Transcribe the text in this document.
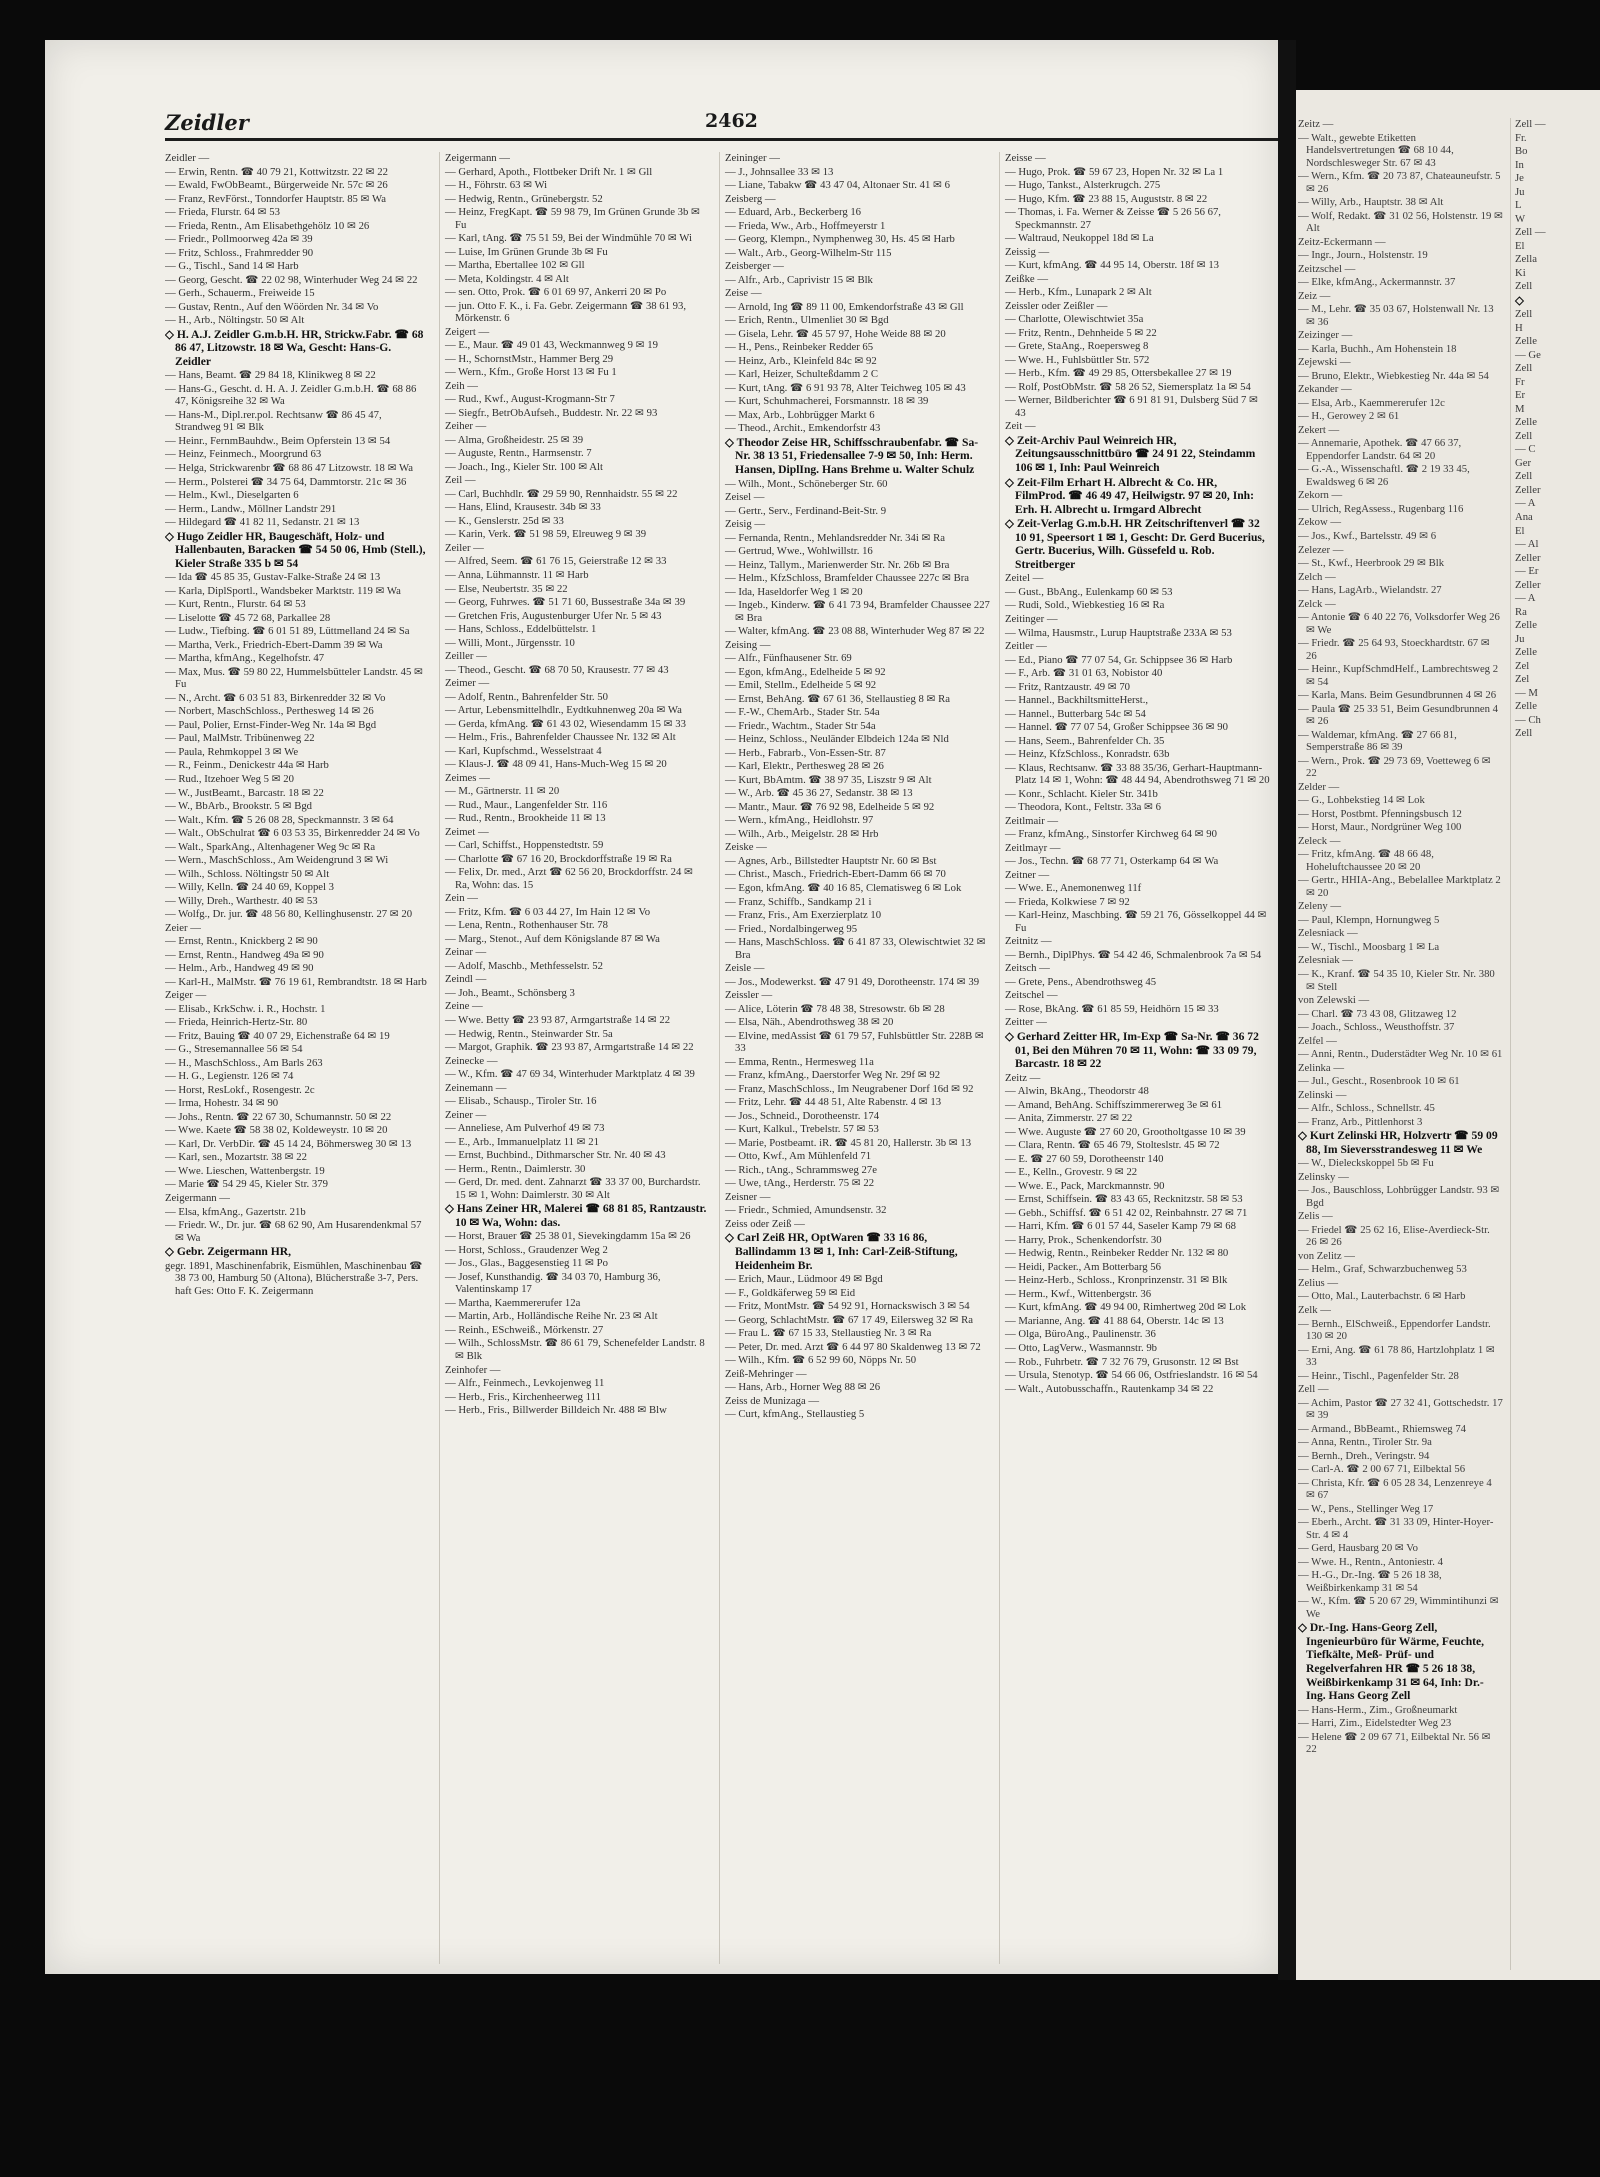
Zeidler	2462
Zeidler —
— Erwin, Rentn. ☎ 40 79 21, Kottwitzstr. 22 ✉ 22
— Ewald, FwObBeamt., Bürgerweide Nr. 57c ✉ 26
— Franz, RevFörst., Tonndorfer Hauptstr. 85 ✉ Wa
— Frieda, Flurstr. 64 ✉ 53
— Frieda, Rentn., Am Elisabethgehölz 10 ✉ 26
— Friedr., Pollmoorweg 42a ✉ 39
— Fritz, Schloss., Frahmredder 90
— G., Tischl., Sand 14 ✉ Harb
— Georg, Gescht. ☎ 22 02 98, Winterhuder Weg 24 ✉ 22
— Gerh., Schauerm., Freiweide 15
— Gustav, Rentn., Auf den Wöörden Nr. 34 ✉ Vo
— H., Arb., Nöltingstr. 50 ✉ Alt
◇ H. A.J. Zeidler G.m.b.H. HR, Strickw.Fabr. ☎ 68 86 47, Litzowstr. 18 ✉ Wa, Gescht: Hans-G. Zeidler
— Hans, Beamt. ☎ 29 84 18, Klinikweg 8 ✉ 22
— Hans-G., Gescht. d. H. A. J. Zeidler G.m.b.H. ☎ 68 86 47, Königsreihe 32 ✉ Wa
— Hans-M., Dipl.rer.pol. Rechtsanw ☎ 86 45 47, Strandweg 91 ✉ Blk
— Heinr., FernmBauhdw., Beim Opferstein 13 ✉ 54
— Heinz, Feinmech., Moorgrund 63
— Helga, Strickwarenbr ☎ 68 86 47 Litzowstr. 18 ✉ Wa
— Herm., Polsterei ☎ 34 75 64, Dammtorstr. 21c ✉ 36
— Helm., Kwl., Dieselgarten 6
— Herm., Landw., Möllner Landstr 291
— Hildegard ☎ 41 82 11, Sedanstr. 21 ✉ 13
◇ Hugo Zeidler HR, Baugeschäft, Holz- und Hallenbauten, Baracken ☎ 54 50 06, Hmb (Stell.), Kieler Straße 335 b ✉ 54
— Ida ☎ 45 85 35, Gustav-Falke-Straße 24 ✉ 13
— Karla, DiplSportl., Wandsbeker Marktstr. 119 ✉ Wa
— Kurt, Rentn., Flurstr. 64 ✉ 53
— Liselotte ☎ 45 72 68, Parkallee 28
— Ludw., Tiefbing. ☎ 6 01 51 89, Lüttmelland 24 ✉ Sa
— Martha, Verk., Friedrich-Ebert-Damm 39 ✉ Wa
— Martha, kfmAng., Kegelhofstr. 47
— Max, Mus. ☎ 59 80 22, Hummelsbütteler Landstr. 45 ✉ Fu
— N., Archt. ☎ 6 03 51 83, Birkenredder 32 ✉ Vo
— Norbert, MaschSchloss., Perthesweg 14 ✉ 26
— Paul, Polier, Ernst-Finder-Weg Nr. 14a ✉ Bgd
— Paul, MalMstr. Tribünenweg 22
— Paula, Rehmkoppel 3 ✉ We
— R., Feinm., Denickestr 44a ✉ Harb
— Rud., Itzehoer Weg 5 ✉ 20
— W., JustBeamt., Barcastr. 18 ✉ 22
— W., BbArb., Brookstr. 5 ✉ Bgd
— Walt., Kfm. ☎ 5 26 08 28, Speckmannstr. 3 ✉ 64
— Walt., ObSchulrat ☎ 6 03 53 35, Birkenredder 24 ✉ Vo
— Walt., SparkAng., Altenhagener Weg 9c ✉ Ra
— Wern., MaschSchloss., Am Weidengrund 3 ✉ Wi
— Wilh., Schloss. Nöltingstr 50 ✉ Alt
— Willy, Kelln. ☎ 24 40 69, Koppel 3
— Willy, Dreh., Warthestr. 40 ✉ 53
— Wolfg., Dr. jur. ☎ 48 56 80, Kellinghusenstr. 27 ✉ 20
Zeier —
— Ernst, Rentn., Knickberg 2 ✉ 90
— Ernst, Rentn., Handweg 49a ✉ 90
— Helm., Arb., Handweg 49 ✉ 90
— Karl-H., MalMstr. ☎ 76 19 61, Rembrandtstr. 18 ✉ Harb
Zeiger —
— Elisab., KrkSchw. i. R., Hochstr. 1
— Frieda, Heinrich-Hertz-Str. 80
— Fritz, Bauing ☎ 40 07 29, Eichenstraße 64 ✉ 19
— G., Stresemannallee 56 ✉ 54
— H., MaschSchloss., Am Barls 263
— H. G., Legienstr. 126 ✉ 74
— Horst, ResLokf., Rosengestr. 2c
— Irma, Hohestr. 34 ✉ 90
— Johs., Rentn. ☎ 22 67 30, Schumannstr. 50 ✉ 22
— Wwe. Kaete ☎ 58 38 02, Koldeweystr. 10 ✉ 20
— Karl, Dr. VerbDir. ☎ 45 14 24, Böhmersweg 30 ✉ 13
— Karl, sen., Mozartstr. 38 ✉ 22
— Wwe. Lieschen, Wattenbergstr. 19
— Marie ☎ 54 29 45, Kieler Str. 379
Zeigermann —
— Elsa, kfmAng., Gazertstr. 21b
— Friedr. W., Dr. jur. ☎ 68 62 90, Am Husarendenkmal 57 ✉ Wa
◇ Gebr. Zeigermann HR,
gegr. 1891, Maschinenfabrik, Eismühlen, Maschinenbau ☎ 38 73 00, Hamburg 50 (Altona), Blücherstraße 3-7, Pers. haft Ges: Otto F. K. Zeigermann
Zeigermann —
— Gerhard, Apoth., Flottbeker Drift Nr. 1 ✉ Gll
— H., Föhrstr. 63 ✉ Wi
— Hedwig, Rentn., Grünebergstr. 52
— Heinz, FregKapt. ☎ 59 98 79, Im Grünen Grunde 3b ✉ Fu
— Karl, tAng. ☎ 75 51 59, Bei der Windmühle 70 ✉ Wi
— Luise, Im Grünen Grunde 3b ✉ Fu
— Martha, Ebertallee 102 ✉ Gll
— Meta, Koldingstr. 4 ✉ Alt
— sen. Otto, Prok. ☎ 6 01 69 97, Ankerri 20 ✉ Po
— jun. Otto F. K., i. Fa. Gebr. Zeigermann ☎ 38 61 93, Mörkenstr. 6
Zeigert —
— E., Maur. ☎ 49 01 43, Weckmannweg 9 ✉ 19
— H., SchornstMstr., Hammer Berg 29
— Wern., Kfm., Große Horst 13 ✉ Fu 1
Zeih —
— Rud., Kwf., August-Krogmann-Str 7
— Siegfr., BetrObAufseh., Buddestr. Nr. 22 ✉ 93
Zeiher —
— Alma, Großheidestr. 25 ✉ 39
— Auguste, Rentn., Harmsenstr. 7
— Joach., Ing., Kieler Str. 100 ✉ Alt
Zeil —
— Carl, Buchhdlr. ☎ 29 59 90, Rennhaidstr. 55 ✉ 22
— Hans, Elind, Krausestr. 34b ✉ 33
— K., Genslerstr. 25d ✉ 33
— Karin, Verk. ☎ 51 98 59, Elreuweg 9 ✉ 39
Zeiler —
— Alfred, Seem. ☎ 61 76 15, Geierstraße 12 ✉ 33
— Anna, Lühmannstr. 11 ✉ Harb
— Else, Neubertstr. 35 ✉ 22
— Georg, Fuhrwes. ☎ 51 71 60, Bussestraße 34a ✉ 39
— Gretchen Fris, Augustenburger Ufer Nr. 5 ✉ 43
— Hans, Schloss., Eddelbüttelstr. 1
— Willi, Mont., Jürgensstr. 10
Zeiller —
— Theod., Gescht. ☎ 68 70 50, Krausestr. 77 ✉ 43
Zeimer —
— Adolf, Rentn., Bahrenfelder Str. 50
— Artur, Lebensmittelhdlr., Eydtkuhnenweg 20a ✉ Wa
— Gerda, kfmAng. ☎ 61 43 02, Wiesendamm 15 ✉ 33
— Helm., Fris., Bahrenfelder Chaussee Nr. 132 ✉ Alt
— Karl, Kupfschmd., Wesselstraat 4
— Klaus-J. ☎ 48 09 41, Hans-Much-Weg 15 ✉ 20
Zeimes —
— M., Gärtnerstr. 11 ✉ 20
— Rud., Maur., Langenfelder Str. 116
— Rud., Rentn., Brookheide 11 ✉ 13
Zeimet —
— Carl, Schiffst., Hoppenstedtstr. 59
— Charlotte ☎ 67 16 20, Brockdorffstraße 19 ✉ Ra
— Felix, Dr. med., Arzt ☎ 62 56 20, Brockdorffstr. 24 ✉ Ra, Wohn: das. 15
Zein —
— Fritz, Kfm. ☎ 6 03 44 27, Im Hain 12 ✉ Vo
— Lena, Rentn., Rothenhauser Str. 78
— Marg., Stenot., Auf dem Königslande 87 ✉ Wa
Zeinar —
— Adolf, Maschb., Methfesselstr. 52
Zeindl —
— Joh., Beamt., Schönsberg 3
Zeine —
— Wwe. Betty ☎ 23 93 87, Armgartstraße 14 ✉ 22
— Hedwig, Rentn., Steinwarder Str. 5a
— Margot, Graphik. ☎ 23 93 87, Armgartstraße 14 ✉ 22
Zeinecke —
— W., Kfm. ☎ 47 69 34, Winterhuder Marktplatz 4 ✉ 39
Zeinemann —
— Elisab., Schausp., Tiroler Str. 16
Zeiner —
— Anneliese, Am Pulverhof 49 ✉ 73
— E., Arb., Immanuelplatz 11 ✉ 21
— Ernst, Buchbind., Dithmarscher Str. Nr. 40 ✉ 43
— Herm., Rentn., Daimlerstr. 30
— Gerd, Dr. med. dent. Zahnarzt ☎ 33 37 00, Burchardstr. 15 ✉ 1, Wohn: Daimlerstr. 30 ✉ Alt
◇ Hans Zeiner HR, Malerei ☎ 68 81 85, Rantzaustr. 10 ✉ Wa, Wohn: das.
— Horst, Brauer ☎ 25 38 01, Sievekingdamm 15a ✉ 26
— Horst, Schloss., Graudenzer Weg 2
— Jos., Glas., Baggesenstieg 11 ✉ Po
— Josef, Kunsthandig. ☎ 34 03 70, Hamburg 36, Valentinskamp 17
— Martha, Kaemmererufer 12a
— Martin, Arb., Holländische Reihe Nr. 23 ✉ Alt
— Reinh., ESchweiß., Mörkenstr. 27
— Wilh., SchlossMstr. ☎ 86 61 79, Schenefelder Landstr. 8 ✉ Blk
Zeinhofer —
— Alfr., Feinmech., Levkojenweg 11
— Herb., Fris., Kirchenheerweg 111
— Herb., Fris., Billwerder Billdeich Nr. 488 ✉ Blw
Zeininger —
— J., Johnsallee 33 ✉ 13
— Liane, Tabakw ☎ 43 47 04, Altonaer Str. 41 ✉ 6
Zeisberg —
— Eduard, Arb., Beckerberg 16
— Frieda, Ww., Arb., Hoffmeyerstr 1
— Georg, Klempn., Nymphenweg 30, Hs. 45 ✉ Harb
— Walt., Arb., Georg-Wilhelm-Str 115
Zeisberger —
— Alfr., Arb., Caprivistr 15 ✉ Blk
Zeise —
— Arnold, Ing ☎ 89 11 00, Emkendorfstraße 43 ✉ Gll
— Erich, Rentn., Ulmenliet 30 ✉ Bgd
— Gisela, Lehr. ☎ 45 57 97, Hohe Weide 88 ✉ 20
— H., Pens., Reinbeker Redder 65
— Heinz, Arb., Kleinfeld 84c ✉ 92
— Karl, Heizer, Schulteßdamm 2 C
— Kurt, tAng. ☎ 6 91 93 78, Alter Teichweg 105 ✉ 43
— Kurt, Schuhmacherei, Forsmannstr. 18 ✉ 39
— Max, Arb., Lohbrügger Markt 6
— Theod., Archit., Emkendorfstr 43
◇ Theodor Zeise HR, Schiffsschraubenfabr. ☎ Sa-Nr. 38 13 51, Friedensallee 7-9 ✉ 50, Inh: Herm. Hansen, DiplIng. Hans Brehme u. Walter Schulz
— Wilh., Mont., Schöneberger Str. 60
Zeisel —
— Gertr., Serv., Ferdinand-Beit-Str. 9
Zeisig —
— Fernanda, Rentn., Mehlandsredder Nr. 34i ✉ Ra
— Gertrud, Wwe., Wohlwillstr. 16
— Heinz, Tallym., Marienwerder Str. Nr. 26b ✉ Bra
— Helm., KfzSchloss, Bramfelder Chaussee 227c ✉ Bra
— Ida, Haseldorfer Weg 1 ✉ 20
— Ingeb., Kinderw. ☎ 6 41 73 94, Bramfelder Chaussee 227 ✉ Bra
— Walter, kfmAng. ☎ 23 08 88, Winterhuder Weg 87 ✉ 22
Zeising —
— Alfr., Fünfhausener Str. 69
— Egon, kfmAng., Edelheide 5 ✉ 92
— Emil, Stellm., Edelheide 5 ✉ 92
— Ernst, BehAng. ☎ 67 61 36, Stellaustieg 8 ✉ Ra
— F.-W., ChemArb., Stader Str. 54a
— Friedr., Wachtm., Stader Str 54a
— Heinz, Schloss., Neuländer Elbdeich 124a ✉ Nld
— Herb., Fabrarb., Von-Essen-Str. 87
— Karl, Elektr., Perthesweg 28 ✉ 26
— Kurt, BbAmtm. ☎ 38 97 35, Liszstr 9 ✉ Alt
— W., Arb. ☎ 45 36 27, Sedanstr. 38 ✉ 13
— Mantr., Maur. ☎ 76 92 98, Edelheide 5 ✉ 92
— Wern., kfmAng., Heidlohstr. 97
— Wilh., Arb., Meigelstr. 28 ✉ Hrb
Zeiske —
— Agnes, Arb., Billstedter Hauptstr Nr. 60 ✉ Bst
— Christ., Masch., Friedrich-Ebert-Damm 66 ✉ 70
— Egon, kfmAng. ☎ 40 16 85, Clematisweg 6 ✉ Lok
— Franz, Schiffb., Sandkamp 21 i
— Franz, Fris., Am Exerzierplatz 10
— Fried., Nordalbingerweg 95
— Hans, MaschSchloss. ☎ 6 41 87 33, Olewischtwiet 32 ✉ Bra
Zeisle —
— Jos., Modewerkst. ☎ 47 91 49, Dorotheenstr. 174 ✉ 39
Zeissler —
— Alice, Löterin ☎ 78 48 38, Stresowstr. 6b ✉ 28
— Elsa, Näh., Abendrothsweg 38 ✉ 20
— Elvine, medAssist ☎ 61 79 57, Fuhlsbüttler Str. 228B ✉ 33
— Emma, Rentn., Hermesweg 11a
— Franz, kfmAng., Daerstorfer Weg Nr. 29f ✉ 92
— Franz, MaschSchloss., Im Neugrabener Dorf 16d ✉ 92
— Fritz, Lehr. ☎ 44 48 51, Alte Rabenstr. 4 ✉ 13
— Jos., Schneid., Dorotheenstr. 174
— Kurt, Kalkul., Trebelstr. 57 ✉ 53
— Marie, Postbeamt. iR. ☎ 45 81 20, Hallerstr. 3b ✉ 13
— Otto, Kwf., Am Mühlenfeld 71
— Rich., tAng., Schrammsweg 27e
— Uwe, tAng., Herderstr. 75 ✉ 22
Zeisner —
— Friedr., Schmied, Amundsenstr. 32
Zeiss oder Zeiß —
◇ Carl Zeiß HR, OptWaren ☎ 33 16 86, Ballindamm 13 ✉ 1, Inh: Carl-Zeiß-Stiftung, Heidenheim Br.
— Erich, Maur., Lüdmoor 49 ✉ Bgd
— F., Goldkäferweg 59 ✉ Eid
— Fritz, MontMstr. ☎ 54 92 91, Hornackswisch 3 ✉ 54
— Georg, SchlachtMstr. ☎ 67 17 49, Eilersweg 32 ✉ Ra
— Frau L. ☎ 67 15 33, Stellaustieg Nr. 3 ✉ Ra
— Peter, Dr. med. Arzt ☎ 6 44 97 80 Skaldenweg 13 ✉ 72
— Wilh., Kfm. ☎ 6 52 99 60, Nöpps Nr. 50
Zeiß-Mehringer —
— Hans, Arb., Horner Weg 88 ✉ 26
Zeiss de Munizaga —
— Curt, kfmAng., Stellaustieg 5
Zeisse —
— Hugo, Prok. ☎ 59 67 23, Hopen Nr. 32 ✉ La 1
— Hugo, Tankst., Alsterkrugch. 275
— Hugo, Kfm. ☎ 23 88 15, Auguststr. 8 ✉ 22
— Thomas, i. Fa. Werner & Zeisse ☎ 5 26 56 67, Speckmannstr. 27
— Waltraud, Neukoppel 18d ✉ La
Zeissig —
— Kurt, kfmAng. ☎ 44 95 14, Oberstr. 18f ✉ 13
Zeißke —
— Herb., Kfm., Lunapark 2 ✉ Alt
Zeissler oder Zeißler —
— Charlotte, Olewischtwiet 35a
— Fritz, Rentn., Dehnheide 5 ✉ 22
— Grete, StaAng., Roepersweg 8
— Wwe. H., Fuhlsbüttler Str. 572
— Herb., Kfm. ☎ 49 29 85, Ottersbekallee 27 ✉ 19
— Rolf, PostObMstr. ☎ 58 26 52, Siemersplatz 1a ✉ 54
— Werner, Bildberichter ☎ 6 91 81 91, Dulsberg Süd 7 ✉ 43
Zeit —
◇ Zeit-Archiv Paul Weinreich HR, Zeitungsausschnittbüro ☎ 24 91 22, Steindamm 106 ✉ 1, Inh: Paul Weinreich
◇ Zeit-Film Erhart H. Albrecht & Co. HR, FilmProd. ☎ 46 49 47, Heilwigstr. 97 ✉ 20, Inh: Erh. H. Albrecht u. Irmgard Albrecht
◇ Zeit-Verlag G.m.b.H. HR Zeitschriftenverl ☎ 32 10 91, Speersort 1 ✉ 1, Gescht: Dr. Gerd Bucerius, Gertr. Bucerius, Wilh. Güssefeld u. Rob. Streitberger
Zeitel —
— Gust., BbAng., Eulenkamp 60 ✉ 53
— Rudi, Sold., Wiebkestieg 16 ✉ Ra
Zeitinger —
— Wilma, Hausmstr., Lurup Hauptstraße 233A ✉ 53
Zeitler —
— Ed., Piano ☎ 77 07 54, Gr. Schippsee 36 ✉ Harb
— F., Arb. ☎ 31 01 63, Nobistor 40
— Fritz, Rantzaustr. 49 ✉ 70
— Hannel., BackhiltsmitteHerst.,
— Hannel., Butterbarg 54c ✉ 54
— Hannel. ☎ 77 07 54, Großer Schippsee 36 ✉ 90
— Hans, Seem., Bahrenfelder Ch. 35
— Heinz, KfzSchloss., Konradstr. 63b
— Klaus, Rechtsanw. ☎ 33 88 35/36, Gerhart-Hauptmann-Platz 14 ✉ 1, Wohn: ☎ 48 44 94, Abendrothsweg 71 ✉ 20
— Konr., Schlacht. Kieler Str. 341b
— Theodora, Kont., Feltstr. 33a ✉ 6
Zeitlmair —
— Franz, kfmAng., Sinstorfer Kirchweg 64 ✉ 90
Zeitlmayr —
— Jos., Techn. ☎ 68 77 71, Osterkamp 64 ✉ Wa
Zeitner —
— Wwe. E., Anemonenweg 11f
— Frieda, Kolkwiese 7 ✉ 92
— Karl-Heinz, Maschbing. ☎ 59 21 76, Gösselkoppel 44 ✉ Fu
Zeitnitz —
— Bernh., DiplPhys. ☎ 54 42 46, Schmalenbrook 7a ✉ 54
Zeitsch —
— Grete, Pens., Abendrothsweg 45
Zeitschel —
— Rose, BkAng. ☎ 61 85 59, Heidhörn 15 ✉ 33
Zeitter —
◇ Gerhard Zeitter HR, Im-Exp ☎ Sa-Nr. ☎ 36 72 01, Bei den Mühren 70 ✉ 11, Wohn: ☎ 33 09 79, Barcastr. 18 ✉ 22
Zeitz —
— Alwin, BkAng., Theodorstr 48
— Amand, BehAng. Schiffszimmererweg 3e ✉ 61
— Anita, Zimmerstr. 27 ✉ 22
— Wwe. Auguste ☎ 27 60 20, Grootholtgasse 10 ✉ 39
— Clara, Rentn. ☎ 65 46 79, Stolteslstr. 45 ✉ 72
— E. ☎ 27 60 59, Dorotheenstr 140
— E., Kelln., Grovestr. 9 ✉ 22
— Wwe. E., Pack, Marckmannstr. 90
— Ernst, Schiffsein. ☎ 83 43 65, Recknitzstr. 58 ✉ 53
— Gebh., Schiffsf. ☎ 6 51 42 02, Reinbahnstr. 27 ✉ 71
— Harri, Kfm. ☎ 6 01 57 44, Saseler Kamp 79 ✉ 68
— Harry, Prok., Schenkendorfstr. 30
— Hedwig, Rentn., Reinbeker Redder Nr. 132 ✉ 80
— Heidi, Packer., Am Botterbarg 56
— Heinz-Herb., Schloss., Kronprinzenstr. 31 ✉ Blk
— Herm., Kwf., Wittenbergstr. 36
— Kurt, kfmAng. ☎ 49 94 00, Rimhertweg 20d ✉ Lok
— Marianne, Ang. ☎ 41 88 64, Oberstr. 14c ✉ 13
— Olga, BüroAng., Paulinenstr. 36
— Otto, LagVerw., Wasmannstr. 9b
— Rob., Fuhrbetr. ☎ 7 32 76 79, Grusonstr. 12 ✉ Bst
— Ursula, Stenotyp. ☎ 54 66 06, Ostfrieslandstr. 16 ✉ 54
— Walt., Autobusschaffn., Rautenkamp 34 ✉ 22
Zeitz —
— Walt., gewebte Etiketten Handelsvertretungen ☎ 68 10 44, Nordschlesweger Str. 67 ✉ 43
— Wern., Kfm. ☎ 20 73 87, Chateauneufstr. 5 ✉ 26
— Willy, Arb., Hauptstr. 38 ✉ Alt
— Wolf, Redakt. ☎ 31 02 56, Holstenstr. 19 ✉ Alt
Zeitz-Eckermann —
— Ingr., Journ., Holstenstr. 19
Zeitzschel —
— Elke, kfmAng., Ackermannstr. 37
Zeiz —
— M., Lehr. ☎ 35 03 67, Holstenwall Nr. 13 ✉ 36
Zeizinger —
— Karla, Buchh., Am Hohenstein 18
Zejewski —
— Bruno, Elektr., Wiebkestieg Nr. 44a ✉ 54
Zekander —
— Elsa, Arb., Kaemmererufer 12c
— H., Gerowey 2 ✉ 61
Zekert —
— Annemarie, Apothek. ☎ 47 66 37, Eppendorfer Landstr. 64 ✉ 20
— G.-A., Wissenschaftl. ☎ 2 19 33 45, Ewaldsweg 6 ✉ 26
Zekorn —
— Ulrich, RegAssess., Rugenbarg 116
Zekow —
— Jos., Kwf., Bartelsstr. 49 ✉ 6
Zelezer —
— St., Kwf., Heerbrook 29 ✉ Blk
Zelch —
— Hans, LagArb., Wielandstr. 27
Zelck —
— Antonie ☎ 6 40 22 76, Volksdorfer Weg 26 ✉ We
— Friedr. ☎ 25 64 93, Stoeckhardtstr. 67 ✉ 26
— Heinr., KupfSchmdHelf., Lambrechtsweg 2 ✉ 54
— Karla, Mans. Beim Gesundbrunnen 4 ✉ 26
— Paula ☎ 25 33 51, Beim Gesundbrunnen 4 ✉ 26
— Waldemar, kfmAng. ☎ 27 66 81, Semperstraße 86 ✉ 39
— Wern., Prok. ☎ 29 73 69, Voetteweg 6 ✉ 22
Zelder —
— G., Lohbekstieg 14 ✉ Lok
— Horst, Postbmt. Pfenningsbusch 12
— Horst, Maur., Nordgrüner Weg 100
Zeleck —
— Fritz, kfmAng. ☎ 48 66 48, Hoheluftchaussee 20 ✉ 20
— Gertr., HHIA-Ang., Bebelallee Marktplatz 2 ✉ 20
Zeleny —
— Paul, Klempn, Hornungweg 5
Zelesniack —
— W., Tischl., Moosbarg 1 ✉ La
Zelesniak —
— K., Kranf. ☎ 54 35 10, Kieler Str. Nr. 380 ✉ Stell
von Zelewski —
— Charl. ☎ 73 43 08, Glitzaweg 12
— Joach., Schloss., Weusthoffstr. 37
Zelfel —
— Anni, Rentn., Duderstädter Weg Nr. 10 ✉ 61
Zelinka —
— Jul., Gescht., Rosenbrook 10 ✉ 61
Zelinski —
— Alfr., Schloss., Schnellstr. 45
— Franz, Arb., Pittlenhorst 3
◇ Kurt Zelinski HR, Holzvertr ☎ 59 09 88, Im Sieversstrandesweg 11 ✉ We
— W., Dieleckskoppel 5b ✉ Fu
Zelinsky —
— Jos., Bauschloss, Lohbrügger Landstr. 93 ✉ Bgd
Zelis —
— Friedel ☎ 25 62 16, Elise-Averdieck-Str. 26 ✉ 26
von Zelitz —
— Helm., Graf, Schwarzbuchenweg 53
Zelius —
— Otto, Mal., Lauterbachstr. 6 ✉ Harb
Zelk —
— Bernh., ElSchweiß., Eppendorfer Landstr. 130 ✉ 20
— Erni, Ang. ☎ 61 78 86, Hartzlohplatz 1 ✉ 33
— Heinr., Tischl., Pagenfelder Str. 28
Zell —
— Achim, Pastor ☎ 27 32 41, Gottschedstr. 17 ✉ 39
— Armand., BbBeamt., Rhiemsweg 74
— Anna, Rentn., Tiroler Str. 9a
— Bernh., Dreh., Veringstr. 94
— Carl-A. ☎ 2 00 67 71, Eilbektal 56
— Christa, Kfr. ☎ 6 05 28 34, Lenzenreye 4 ✉ 67
— W., Pens., Stellinger Weg 17
— Eberh., Archt. ☎ 31 33 09, Hinter-Hoyer-Str. 4 ✉ 4
— Gerd, Hausbarg 20 ✉ Vo
— Wwe. H., Rentn., Antoniestr. 4
— H.-G., Dr.-Ing. ☎ 5 26 18 38, Weißbirkenkamp 31 ✉ 54
— W., Kfm. ☎ 5 20 67 29, Wimmintihunzi ✉ We
◇ Dr.-Ing. Hans-Georg Zell, Ingenieurbüro für Wärme, Feuchte, Tiefkälte, Meß- Prüf- und Regelverfahren HR ☎ 5 26 18 38, Weißbirkenkamp 31 ✉ 64, Inh: Dr.-Ing. Hans Georg Zell
— Hans-Herm., Zim., Großneumarkt
— Harri, Zim., Eidelstedter Weg 23
— Helene ☎ 2 09 67 71, Eilbektal Nr. 56 ✉ 22
Zell —
Fr.
Bo
In
Je
Ju
L
W
Zell —
El
Zella
Ki
Zell
◇
Zell
H
Zelle
— Ge
Zell
Fr
Er
M
Zelle
Zell
— C
Ger
Zell
Zeller
— A
Ana
El
— Al
Zeller
— Er
Zeller
— A
Ra
Zelle
Ju
Zelle
Zel
Zel
— M
Zelle
— Ch
Zell
